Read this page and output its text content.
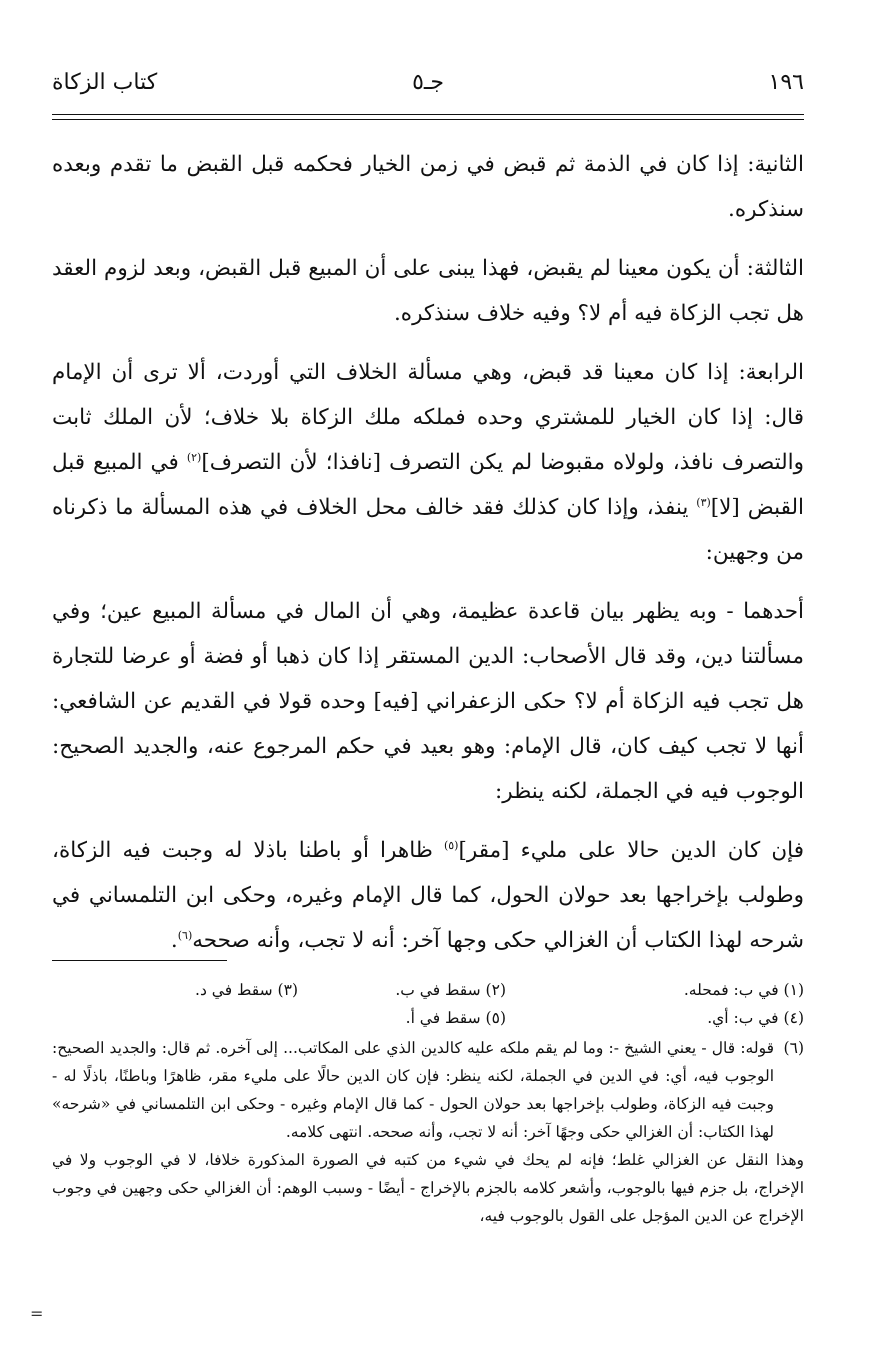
١٩٦
جـ٥
كتاب الزكاة

الثانية: إذا كان في الذمة ثم قبض في زمن الخيار فحكمه قبل القبض ما تقدم وبعده سنذكره.

الثالثة: أن يكون معينا لم يقبض، فهذا يبنى على أن المبيع قبل القبض، وبعد لزوم العقد هل تجب الزكاة فيه أم لا؟ وفيه خلاف سنذكره.

الرابعة: إذا كان معينا قد قبض، وهي مسألة الخلاف التي أوردت، ألا ترى أن الإمام قال: إذا كان الخيار للمشتري وحده فملكه ملك الزكاة بلا خلاف؛ لأن الملك ثابت والتصرف نافذ، ولولاه مقبوضا لم يكن التصرف [نافذا؛ لأن التصرف]$^{(٢)}$ في المبيع قبل القبض [لا]$^{(٣)}$ ينفذ، وإذا كان كذلك فقد خالف محل الخلاف في هذه المسألة ما ذكرناه من وجهين:

أحدهما - وبه يظهر بيان قاعدة عظيمة، وهي أن المال في مسألة المبيع عين؛ وفي مسألتنا دين، وقد قال الأصحاب: الدين المستقر إذا كان ذهبا أو فضة أو عرضا للتجارة هل تجب فيه الزكاة أم لا؟ حكى الزعفراني [فيه] وحده قولا في القديم عن الشافعي: أنها لا تجب كيف كان، قال الإمام: وهو بعيد في حكم المرجوع عنه، والجديد الصحيح: الوجوب فيه في الجملة، لكنه ينظر:

فإن كان الدين حالا على مليء [مقر]$^{(٥)}$ ظاهرا أو باطنا باذلا له وجبت فيه الزكاة، وطولب بإخراجها بعد حولان الحول، كما قال الإمام وغيره، وحكى ابن التلمساني في شرحه لهذا الكتاب أن الغزالي حكى وجها آخر: أنه لا تجب، وأنه صححه$^{(٦)}$.

(١) في ب: فمحله.
(٢) سقط في ب.
(٣) سقط في د.
(٤) في ب: أي.
(٥) سقط في أ.
(٦)
قوله: قال - يعني الشيخ -: وما لم يقم ملكه عليه كالدين الذي على المكاتب... إلى آخره. ثم قال: والجديد الصحيح: الوجوب فيه، أي: في الدين في الجملة، لكنه ينظر: فإن كان الدين حالًا على مليء مقر، ظاهرًا وباطنًا، باذلًا له - وجبت فيه الزكاة، وطولب بإخراجها بعد حولان الحول - كما قال الإمام وغيره - وحكى ابن التلمساني في «شرحه» لهذا الكتاب: أن الغزالي حكى وجهًا آخر: أنه لا تجب، وأنه صححه. انتهى كلامه.
وهذا النقل عن الغزالي غلط؛ فإنه لم يحك في شيء من كتبه في الصورة المذكورة خلافا، لا في الوجوب ولا في الإخراج، بل جزم فيها بالوجوب، وأشعر كلامه بالجزم بالإخراج - أيضًا - وسبب الوهم: أن الغزالي حكى وجهين في وجوب الإخراج عن الدين المؤجل على القول بالوجوب فيه،
=
